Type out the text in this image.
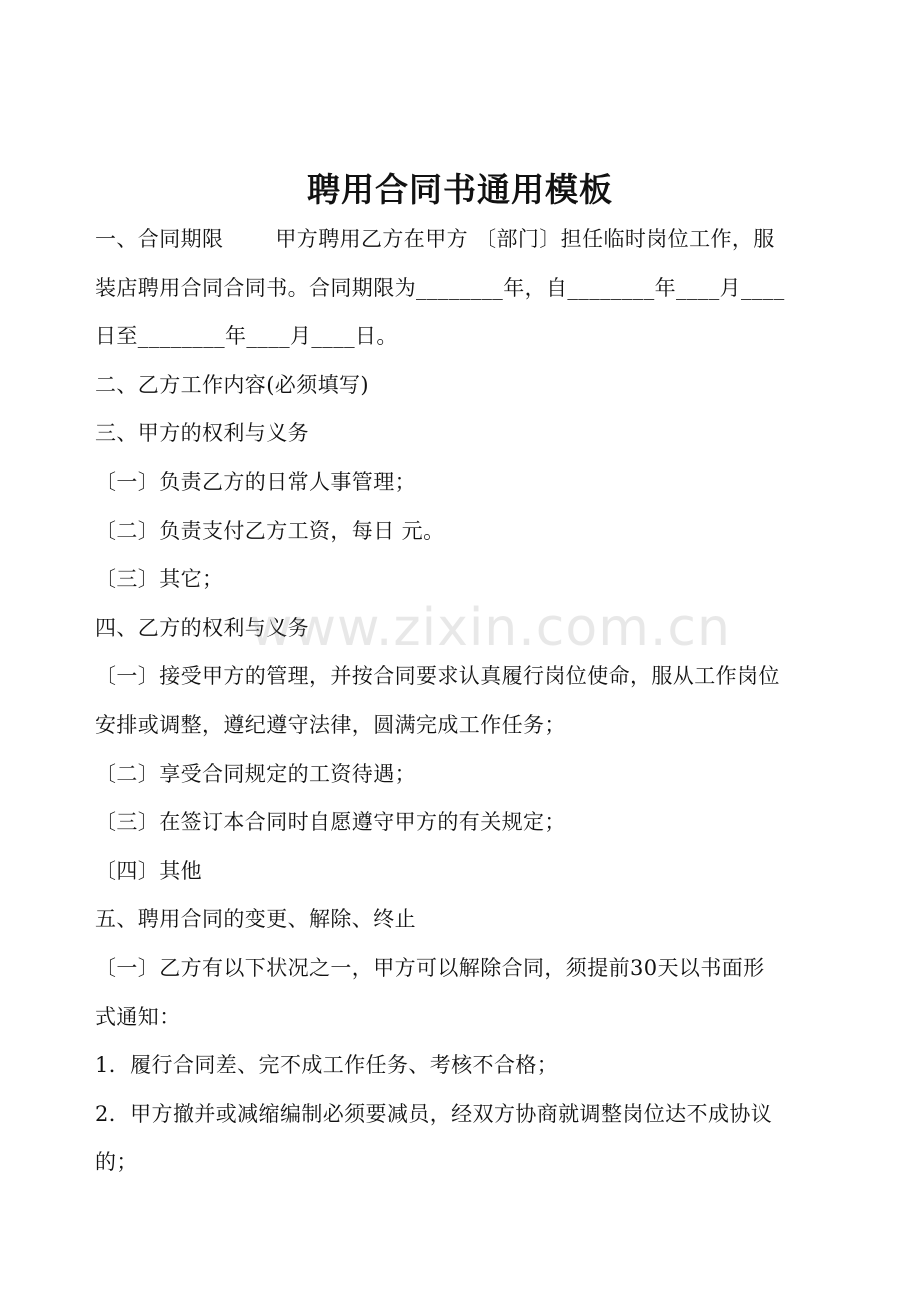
聘用合同书通用模板
一、合同期限 甲方聘用乙方在甲方 〔部门〕担任临时岗位工作，服
装店聘用合同合同书。合同期限为________年，自________年____月____
日至________年____月____日。
二、乙方工作内容(必须填写)
三、甲方的权利与义务
〔一〕负责乙方的日常人事管理；
〔二〕负责支付乙方工资，每日 元。
〔三〕其它；
四、乙方的权利与义务
〔一〕接受甲方的管理，并按合同要求认真履行岗位使命，服从工作岗位
安排或调整，遵纪遵守法律，圆满完成工作任务；
〔二〕享受合同规定的工资待遇；
〔三〕在签订本合同时自愿遵守甲方的有关规定；
〔四〕其他
五、聘用合同的变更、解除、终止
〔一〕乙方有以下状况之一，甲方可以解除合同，须提前30天以书面形
式通知：
1．履行合同差、完不成工作任务、考核不合格；
2．甲方撤并或减缩编制必须要减员，经双方协商就调整岗位达不成协议
的；
www.zixin.com.cn
